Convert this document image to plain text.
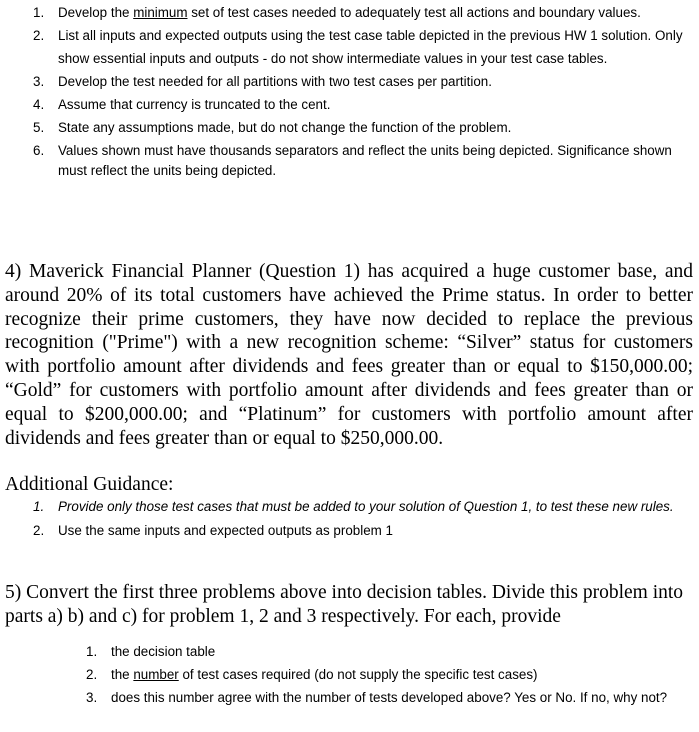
1. Develop the minimum set of test cases needed to adequately test all actions and boundary values.
2. List all inputs and expected outputs using the test case table depicted in the previous HW 1 solution. Only show essential inputs and outputs - do not show intermediate values in your test case tables.
3. Develop the test needed for all partitions with two test cases per partition.
4. Assume that currency is truncated to the cent.
5. State any assumptions made, but do not change the function of the problem.
6. Values shown must have thousands separators and reflect the units being depicted. Significance shown must reflect the units being depicted.

4) Maverick Financial Planner (Question 1) has acquired a huge customer base, and around 20% of its total customers have achieved the Prime status. In order to better recognize their prime customers, they have now decided to replace the previous recognition ("Prime") with a new recognition scheme: “Silver” status for customers with portfolio amount after dividends and fees greater than or equal to $150,000.00; “Gold” for customers with portfolio amount after dividends and fees greater than or equal to $200,000.00; and “Platinum” for customers with portfolio amount after dividends and fees greater than or equal to $250,000.00.

Additional Guidance:

1. Provide only those test cases that must be added to your solution of Question 1, to test these new rules.
2. Use the same inputs and expected outputs as problem 1

5) Convert the first three problems above into decision tables. Divide this problem into parts a) b) and c) for problem 1, 2 and 3 respectively. For each, provide

1. the decision table
2. the number of test cases required (do not supply the specific test cases)
3. does this number agree with the number of tests developed above? Yes or No. If no, why not?
